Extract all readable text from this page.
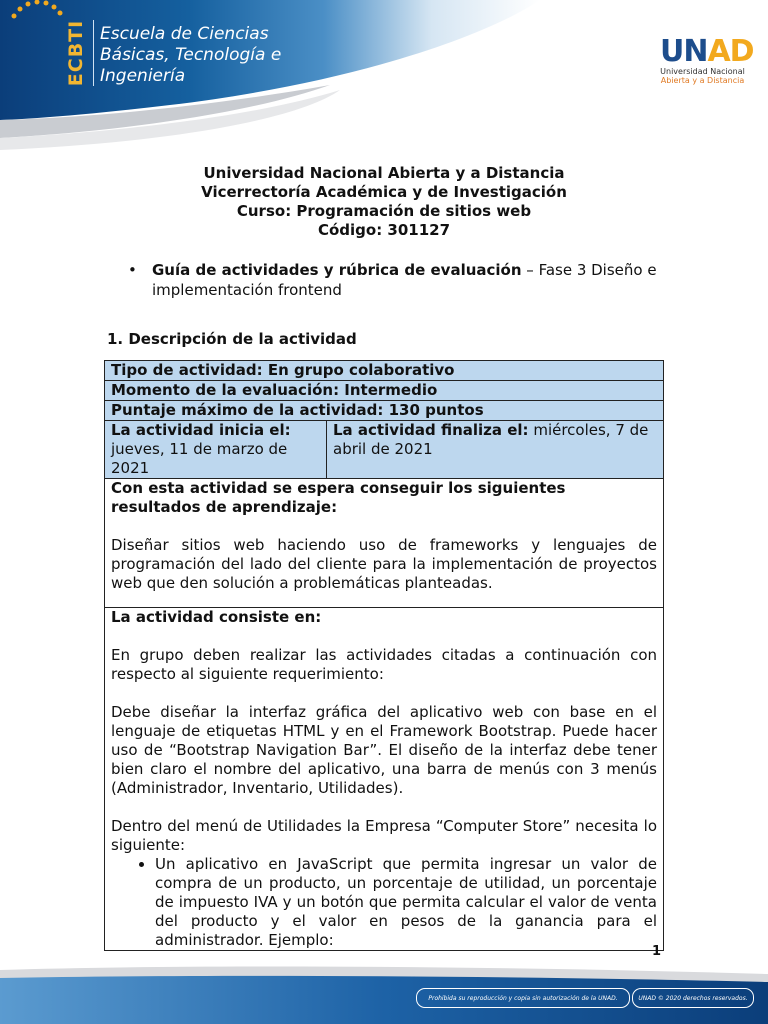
ECBTI Escuela de Ciencias
Básicas, Tecnología e
Ingeniería
UNAD
Universidad Nacional
Abierta y a Distancia
Universidad Nacional Abierta y a Distancia
Vicerrectoría Académica y de Investigación
Curso: Programación de sitios web
Código: 301127
• Guía de actividades y rúbrica de evaluación – Fase 3 Diseño e implementación frontend
1. Descripción de la actividad
Tipo de actividad: En grupo colaborativo
Momento de la evaluación: Intermedio
Puntaje máximo de la actividad: 130 puntos
La actividad inicia el: jueves, 11 de marzo de 2021	La actividad finaliza el: miércoles, 7 de abril de 2021

Con esta actividad se espera conseguir los siguientes resultados de aprendizaje:

Diseñar sitios web haciendo uso de frameworks y lenguajes de programación del lado del cliente para la implementación de proyectos web que den solución a problemáticas planteadas.

La actividad consiste en:

En grupo deben realizar las actividades citadas a continuación con respecto al siguiente requerimiento:

Debe diseñar la interfaz gráfica del aplicativo web con base en el lenguaje de etiquetas HTML y en el Framework Bootstrap. Puede hacer uso de “Bootstrap Navigation Bar”. El diseño de la interfaz debe tener bien claro el nombre del aplicativo, una barra de menús con 3 menús (Administrador, Inventario, Utilidades).

Dentro del menú de Utilidades la Empresa “Computer Store” necesita lo siguiente:

• Un aplicativo en JavaScript que permita ingresar un valor de compra de un producto, un porcentaje de utilidad, un porcentaje de impuesto IVA y un botón que permita calcular el valor de venta del producto y el valor en pesos de la ganancia para el administrador. Ejemplo:
1
Prohibida su reproducción y copia sin autorización de la UNAD.	UNAD © 2020 derechos reservados.
